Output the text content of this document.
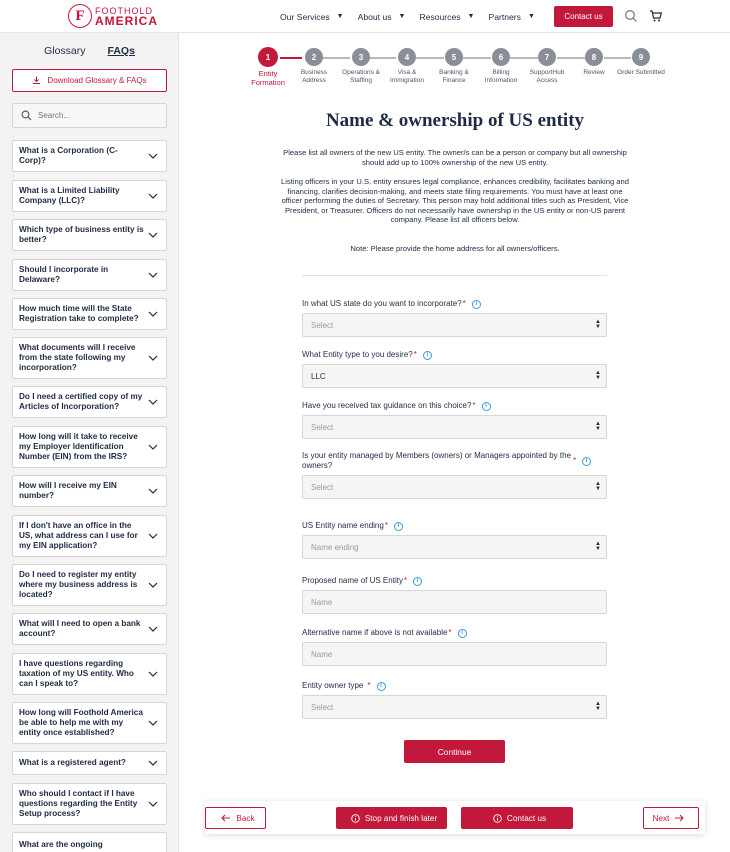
F	FOOTHOLD
AMERICA	Our Services ▼ About us ▼ Resources ▼ Partners ▼	Contact us
Glossary FAQs
Download Glossary & FAQs
Search...
What is a Corporation (C-Corp)?
What is a Limited Liability Company (LLC)?
Which type of business entity is better?
Should I incorporate in Delaware?
How much time will the State Registration take to complete?
What documents will I receive from the state following my incorporation?
Do I need a certified copy of my Articles of Incorporation?
How long will it take to receive my Employer Identification Number (EIN) from the IRS?
How will I receive my EIN number?
If I don't have an office in the US, what address can I use for my EIN application?
Do I need to register my entity where my business address is located?
What will I need to open a bank account?
I have questions regarding taxation of my US entity. Who can I speak to?
How long will Foothold America be able to help me with my entity once established?
What is a registered agent?
Who should I contact if I have questions regarding the Entity Setup process?
What are the ongoing
1
Entity Formation
2
Business Address
3
Operations & Staffing
4
Visa & Immigration
5
Banking & Finance
6
Billing Information
7
SupportHub Access
8
Review
9
Order Submitted
Name & ownership of US entity
Please list all owners of the new US entity. The owner/s can be a person or company but all ownership should add up to 100% ownership of the new US entity.
Listing officers in your U.S. entity ensures legal compliance, enhances credibility, facilitates banking and financing, clarifies decision-making, and meets state filing requirements. You must have at least one officer performing the duties of Secretary. This person may hold additional titles such as President, Vice President, or Treasurer. Officers do not necessarily have ownership in the US entity or non-US parent company. Please list all officers below.
Note: Please provide the home address for all owners/officers.
In what US state do you want to incorporate? *	i
Select	▲
▼
What Entity type to you desire? *	i
LLC	▲
▼
Have you received tax guidance on this choice? *	i
Select	▲
▼
Is your entity managed by Members (owners) or Managers appointed by the owners?
*	i
Select	▲
▼
US Entity name ending *	i
Name ending	▲
▼
Proposed name of US Entity *	i
Name
Alternative name if above is not available *	i
Name
Entity owner type *	i
Select	▲
▼
Continue
Back	Stop and finish later	Contact us	Next
